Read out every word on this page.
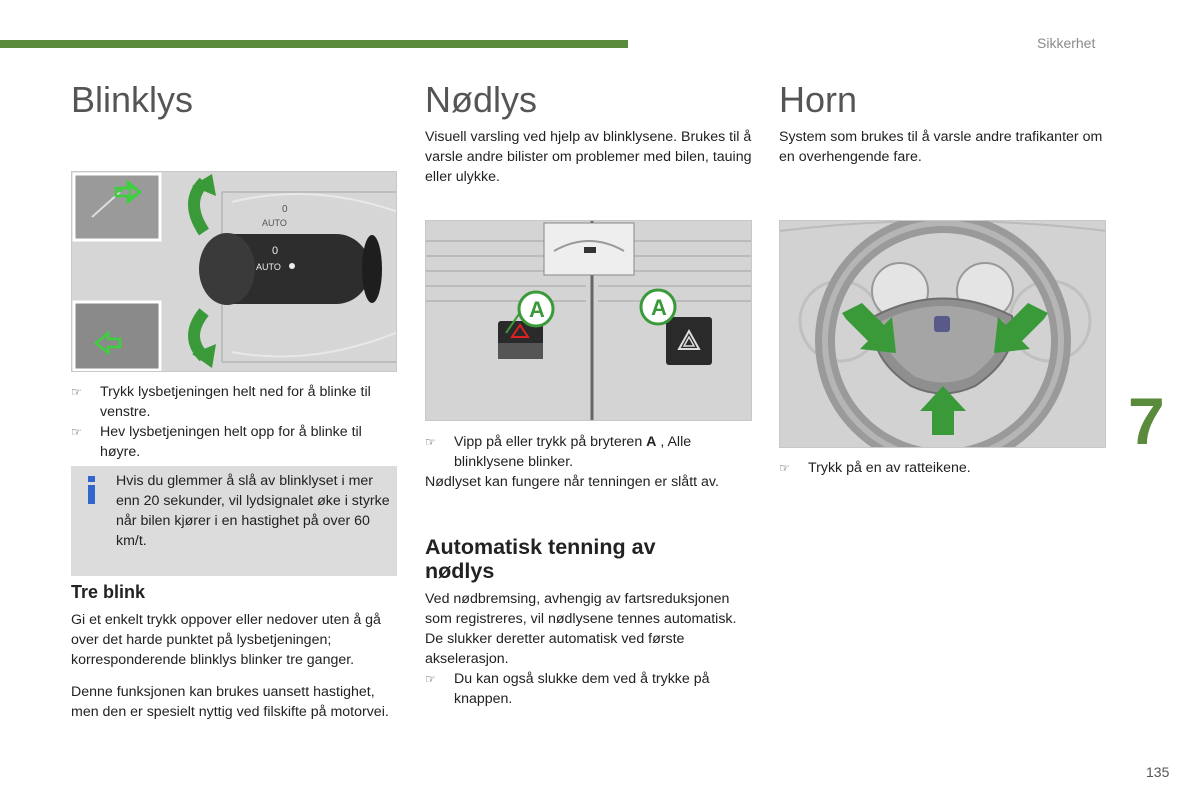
Sikkerhet
7
135
Blinklys
0
AUTO
0
AUTO
☞ Trykk lysbetjeningen helt ned for å blinke til venstre.
☞ Hev lysbetjeningen helt opp for å blinke til høyre.

Hvis du glemmer å slå av blinklyset i mer enn 20 sekunder, vil lydsignalet øke i styrke når bilen kjører i en hastighet på over 60 km/t.

Tre blink

Gi et enkelt trykk oppover eller nedover uten å gå over det harde punktet på lysbetjeningen; korresponderende blinklys blinker tre ganger.

Denne funksjonen kan brukes uansett hastighet, men den er spesielt nyttig ved filskifte på motorvei.

Nødlys

Visuell varsling ved hjelp av blinklysene. Brukes til å varsle andre bilister om problemer med bilen, tauing eller ulykke.

A	A
☞ Vipp på eller trykk på bryteren A , Alle blinklysene blinker.

Nødlyset kan fungere når tenningen er slått av.

Automatisk tenning av nødlys

Ved nødbremsing, avhengig av fartsreduksjonen som registreres, vil nødlysene tennes automatisk.

De slukker deretter automatisk ved første akselerasjon.

☞ Du kan også slukke dem ved å trykke på knappen.
Horn

System som brukes til å varsle andre trafikanter om en overhengende fare.

☞ Trykk på en av ratteikene.
